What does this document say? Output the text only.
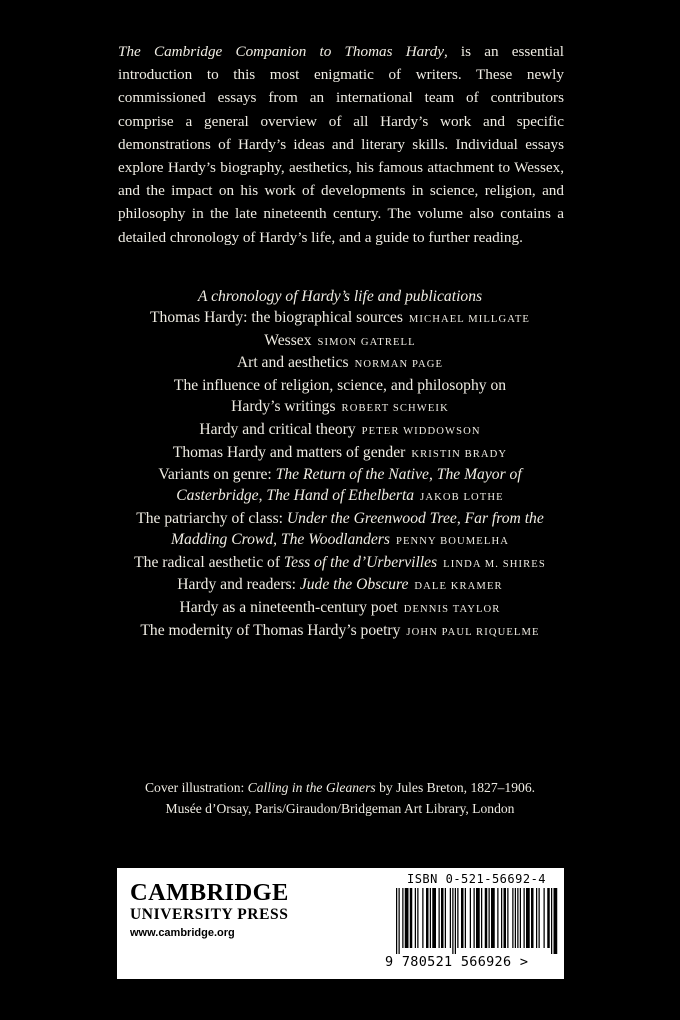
The Cambridge Companion to Thomas Hardy, is an essential introduction to this most enigmatic of writers. These newly commissioned essays from an international team of contributors comprise a general overview of all Hardy’s work and specific demonstrations of Hardy’s ideas and literary skills. Individual essays explore Hardy’s biography, aesthetics, his famous attachment to Wessex, and the impact on his work of developments in science, religion, and philosophy in the late nineteenth century. The volume also contains a detailed chronology of Hardy’s life, and a guide to further reading.
A chronology of Hardy’s life and publications
Thomas Hardy: the biographical sources MICHAEL MILLGATE
Wessex SIMON GATRELL
Art and aesthetics NORMAN PAGE
The influence of religion, science, and philosophy on
Hardy’s writings ROBERT SCHWEIK
Hardy and critical theory PETER WIDDOWSON
Thomas Hardy and matters of gender KRISTIN BRADY
Variants on genre: The Return of the Native, The Mayor of
Casterbridge, The Hand of Ethelberta JAKOB LOTHE
The patriarchy of class: Under the Greenwood Tree, Far from the
Madding Crowd, The Woodlanders PENNY BOUMELHA
The radical aesthetic of Tess of the d’Urbervilles LINDA M. SHIRES
Hardy and readers: Jude the Obscure DALE KRAMER
Hardy as a nineteenth-century poet DENNIS TAYLOR
The modernity of Thomas Hardy’s poetry JOHN PAUL RIQUELME
Cover illustration: Calling in the Gleaners by Jules Breton, 1827–1906.
Musée d’Orsay, Paris/Giraudon/Bridgeman Art Library, London
CAMBRIDGE
UNIVERSITY PRESS
www.cambridge.org
ISBN 0-521-56692-4
9 780521 566926 >
